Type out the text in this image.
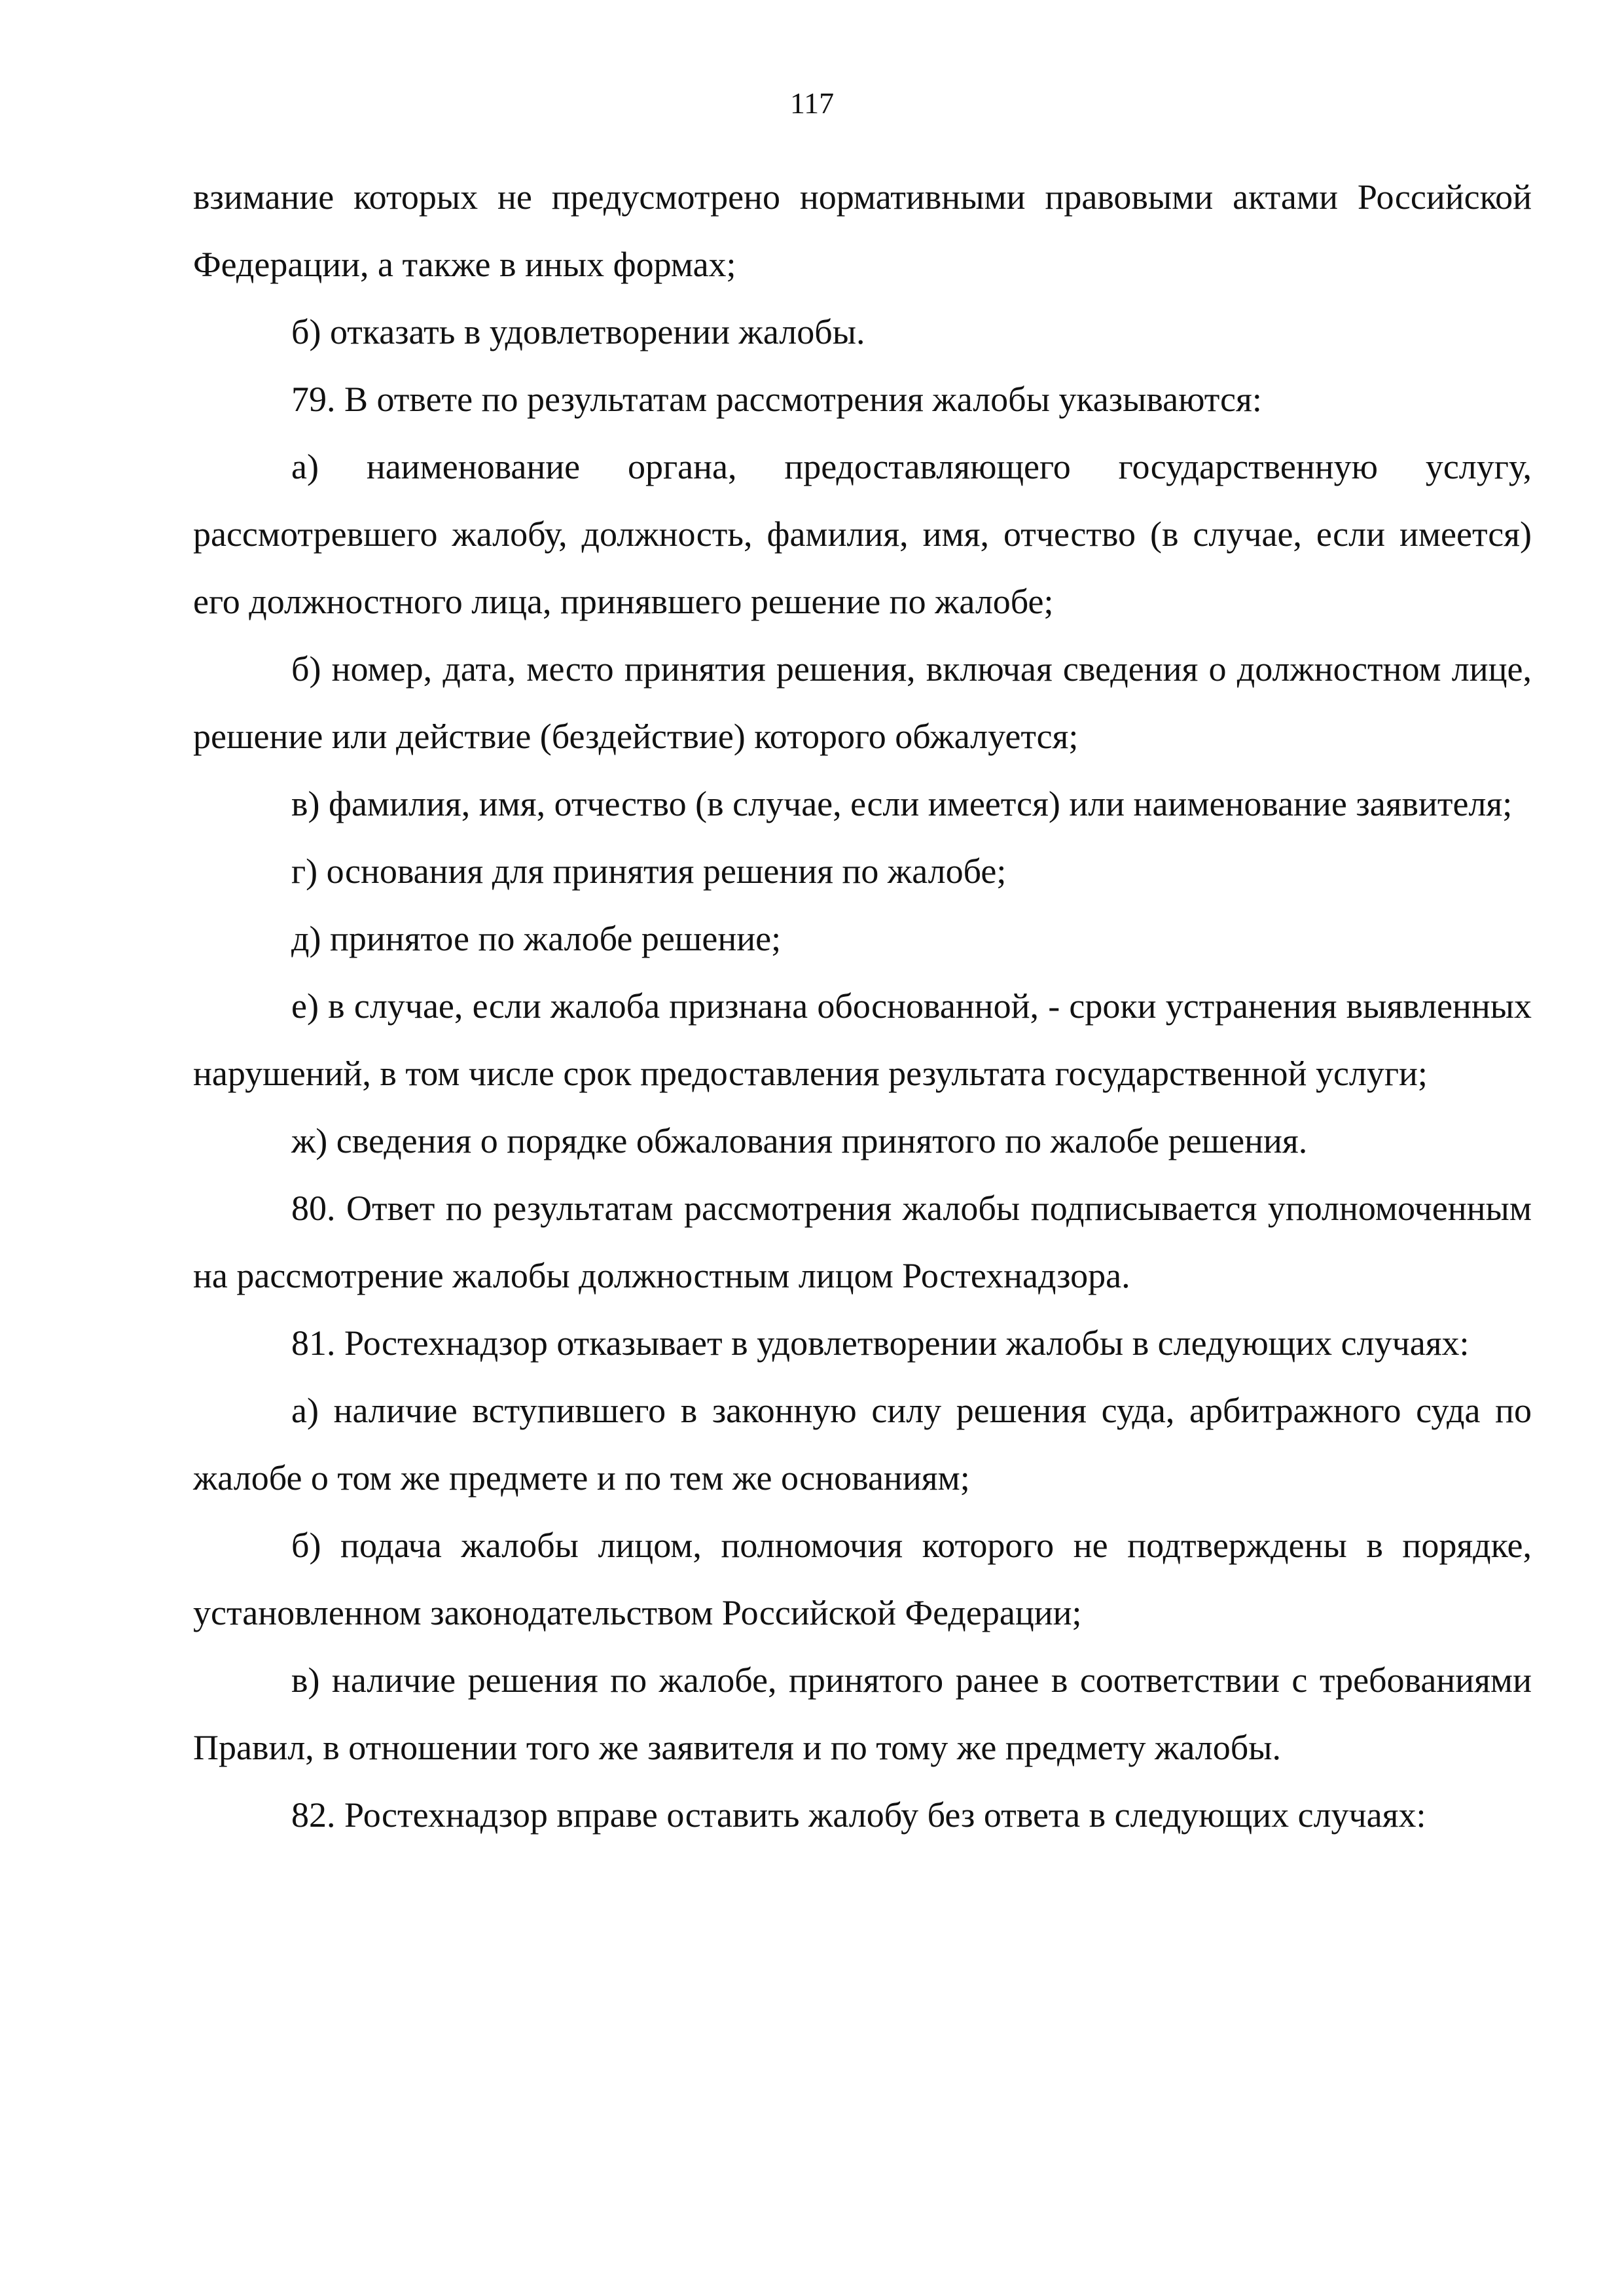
117

взимание которых не предусмотрено нормативными правовыми актами Российской Федерации, а также в иных формах;

б) отказать в удовлетворении жалобы.

79. В ответе по результатам рассмотрения жалобы указываются:

а) наименование органа, предоставляющего государственную услугу, рассмотревшего жалобу, должность, фамилия, имя, отчество (в случае, если имеется) его должностного лица, принявшего решение по жалобе;

б) номер, дата, место принятия решения, включая сведения о должностном лице, решение или действие (бездействие) которого обжалуется;

в) фамилия, имя, отчество (в случае, если имеется) или наименование заявителя;

г) основания для принятия решения по жалобе;

д) принятое по жалобе решение;

е) в случае, если жалоба признана обоснованной, - сроки устранения выявленных нарушений, в том числе срок предоставления результата государственной услуги;

ж) сведения о порядке обжалования принятого по жалобе решения.

80. Ответ по результатам рассмотрения жалобы подписывается уполномоченным на рассмотрение жалобы должностным лицом Ростехнадзора.

81. Ростехнадзор отказывает в удовлетворении жалобы в следующих случаях:

а) наличие вступившего в законную силу решения суда, арбитражного суда по жалобе о том же предмете и по тем же основаниям;

б) подача жалобы лицом, полномочия которого не подтверждены в порядке, установленном законодательством Российской Федерации;

в) наличие решения по жалобе, принятого ранее в соответствии с требованиями Правил, в отношении того же заявителя и по тому же предмету жалобы.

82. Ростехнадзор вправе оставить жалобу без ответа в следующих случаях:
